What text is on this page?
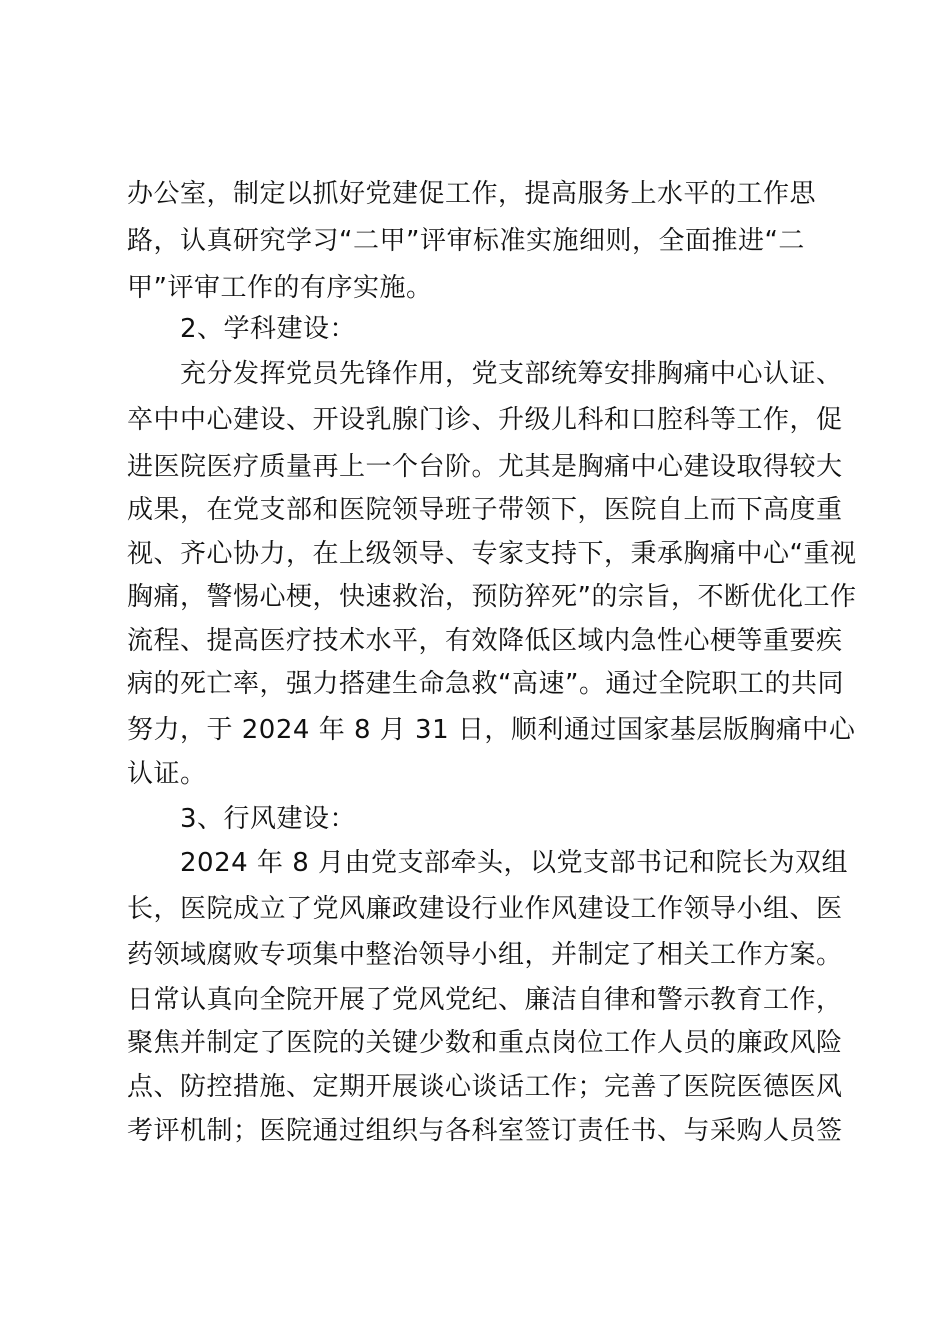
办公室，制定以抓好党建促工作，提高服务上水平的工作思
路，认真研究学习“二甲”评审标准实施细则，全面推进“二
甲”评审工作的有序实施。
　　2、学科建设：
　　充分发挥党员先锋作用，党支部统筹安排胸痛中心认证、
卒中中心建设、开设乳腺门诊、升级儿科和口腔科等工作，促
进医院医疗质量再上一个台阶。尤其是胸痛中心建设取得较大
成果，在党支部和医院领导班子带领下，医院自上而下高度重
视、齐心协力，在上级领导、专家支持下，秉承胸痛中心“重视
胸痛，警惕心梗，快速救治，预防猝死”的宗旨，不断优化工作
流程、提高医疗技术水平，有效降低区域内急性心梗等重要疾
病的死亡率，强力搭建生命急救“高速”。通过全院职工的共同
努力，于 2024 年 8 月 31 日，顺利通过国家基层版胸痛中心
认证。
　　3、行风建设：
　　2024 年 8 月由党支部牵头，以党支部书记和院长为双组
长，医院成立了党风廉政建设行业作风建设工作领导小组、医
药领域腐败专项集中整治领导小组，并制定了相关工作方案。
日常认真向全院开展了党风党纪、廉洁自律和警示教育工作，
聚焦并制定了医院的关键少数和重点岗位工作人员的廉政风险
点、防控措施、定期开展谈心谈话工作；完善了医院医德医风
考评机制；医院通过组织与各科室签订责任书、与采购人员签
